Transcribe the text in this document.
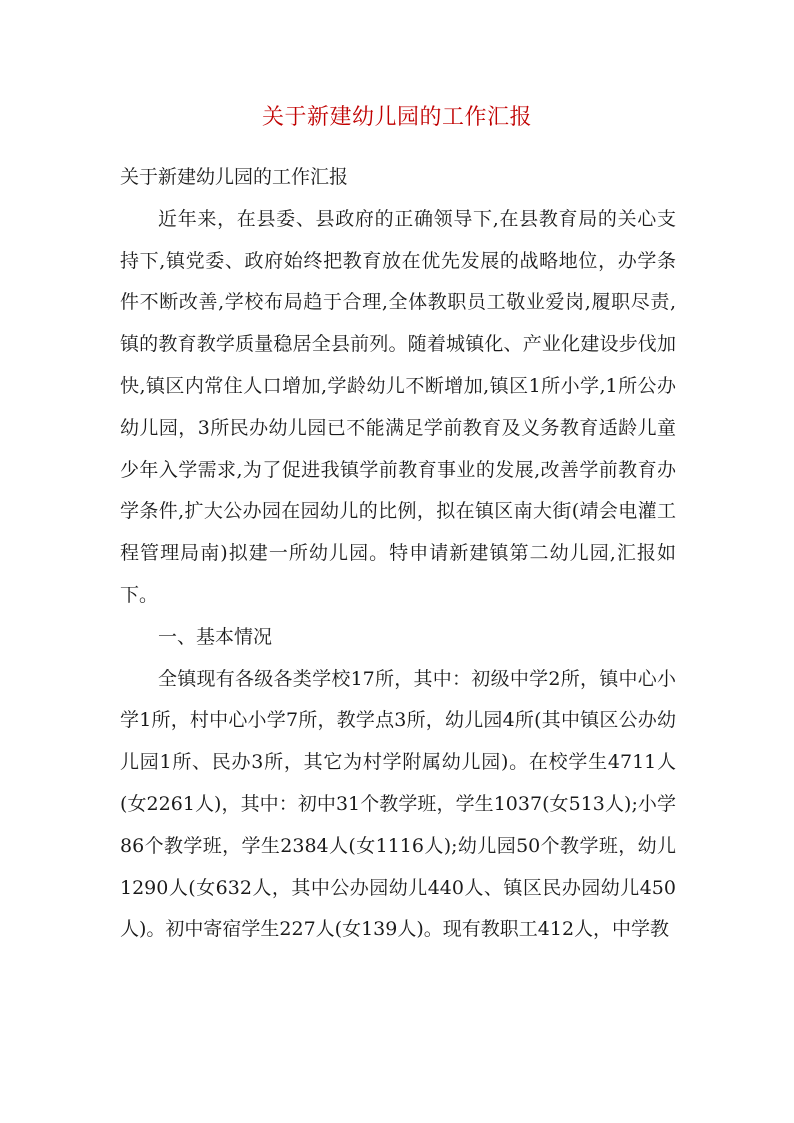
关于新建幼儿园的工作汇报

关于新建幼儿园的工作汇报

近年来，在县委、县政府的正确领导下,在县教育局的关心支持下,镇党委、政府始终把教育放在优先发展的战略地位，办学条件不断改善,学校布局趋于合理,全体教职员工敬业爱岗,履职尽责,镇的教育教学质量稳居全县前列。随着城镇化、产业化建设步伐加快,镇区内常住人口增加,学龄幼儿不断增加,镇区1所小学,1所公办幼儿园，3所民办幼儿园已不能满足学前教育及义务教育适龄儿童少年入学需求,为了促进我镇学前教育事业的发展,改善学前教育办学条件,扩大公办园在园幼儿的比例，拟在镇区南大街(靖会电灌工程管理局南)拟建一所幼儿园。特申请新建镇第二幼儿园,汇报如下。

一、基本情况

全镇现有各级各类学校17所，其中：初级中学2所，镇中心小学1所，村中心小学7所，教学点3所，幼儿园4所(其中镇区公办幼儿园1所、民办3所，其它为村学附属幼儿园)。在校学生4711人(女2261人)，其中：初中31个教学班，学生1037(女513人);小学86个教学班，学生2384人(女1116人);幼儿园50个教学班，幼儿1290人(女632人，其中公办园幼儿440人、镇区民办园幼儿450人)。初中寄宿学生227人(女139人)。现有教职工412人，中学教
